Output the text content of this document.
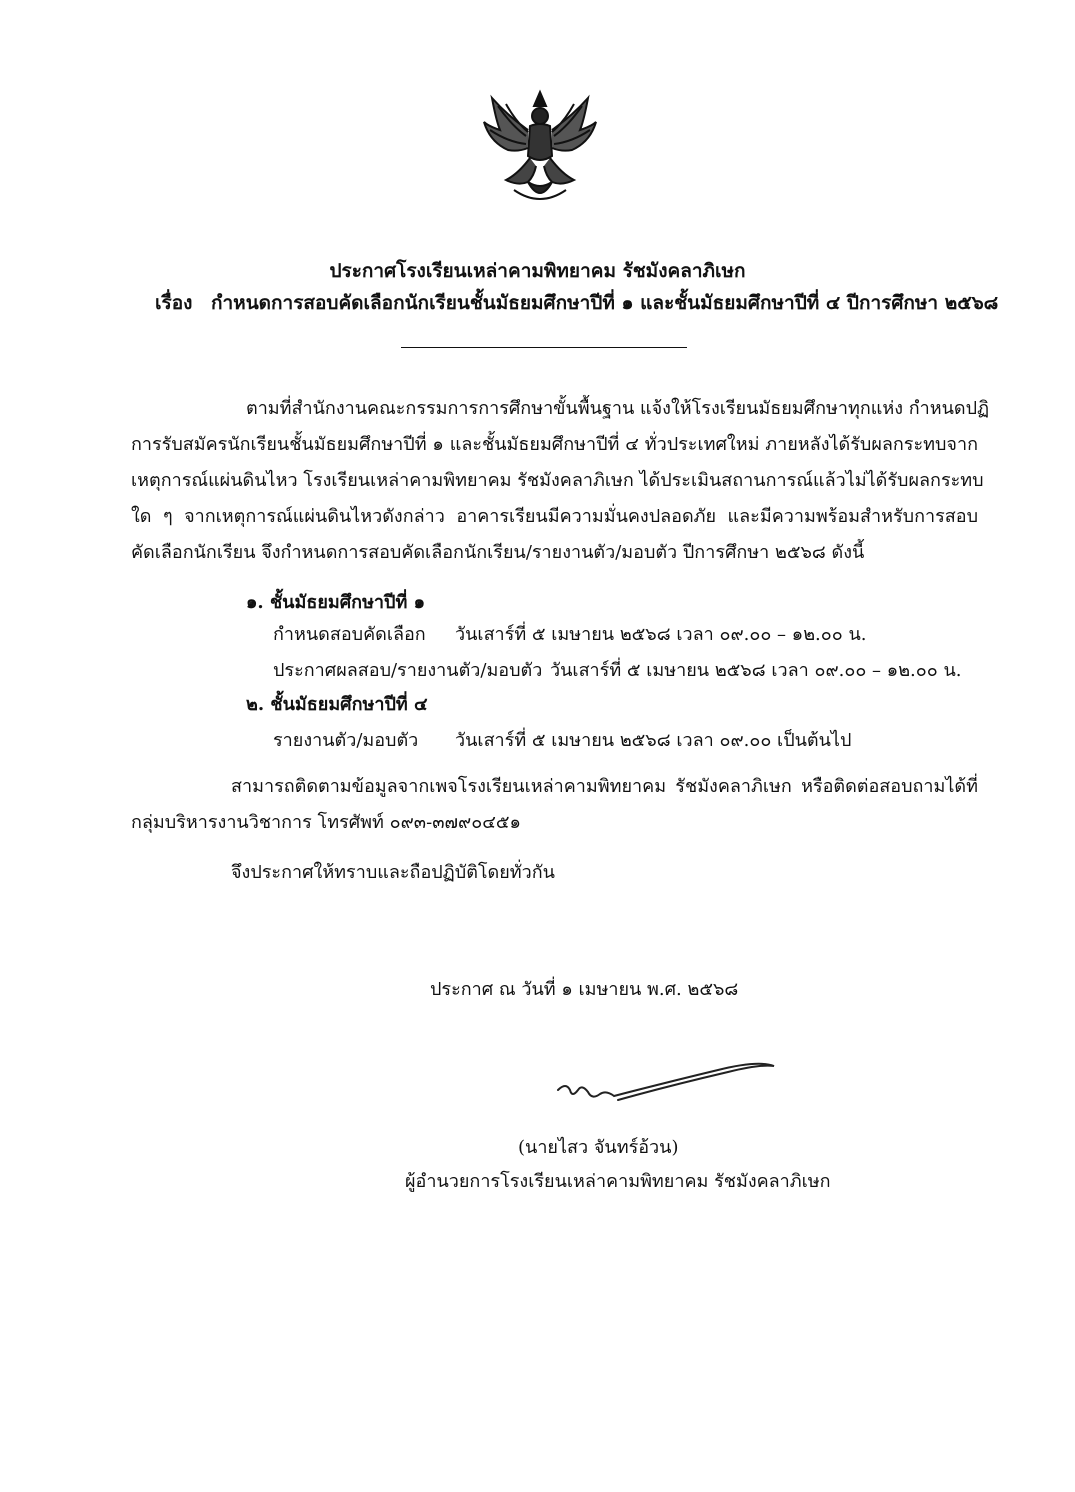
ประกาศโรงเรียนเหล่าคามพิทยาคม รัชมังคลาภิเษก
เรื่อง กำหนดการสอบคัดเลือกนักเรียนชั้นมัธยมศึกษาปีที่ ๑ และชั้นมัธยมศึกษาปีที่ ๔ ปีการศึกษา ๒๕๖๘
ตามที่สำนักงานคณะกรรมการการศึกษาขั้นพื้นฐาน แจ้งให้โรงเรียนมัธยมศึกษาทุกแห่ง กำหนดปฏิ
การรับสมัครนักเรียนชั้นมัธยมศึกษาปีที่ ๑ และชั้นมัธยมศึกษาปีที่ ๔ ทั่วประเทศใหม่ ภายหลังได้รับผลกระทบจาก
เหตุการณ์แผ่นดินไหว โรงเรียนเหล่าคามพิทยาคม รัชมังคลาภิเษก ได้ประเมินสถานการณ์แล้วไม่ได้รับผลกระทบ
ใด ๆ จากเหตุการณ์แผ่นดินไหวดังกล่าว อาคารเรียนมีความมั่นคงปลอดภัย และมีความพร้อมสำหรับการสอบ
คัดเลือกนักเรียน จึงกำหนดการสอบคัดเลือกนักเรียน/รายงานตัว/มอบตัว ปีการศึกษา ๒๕๖๘ ดังนี้
๑. ชั้นมัธยมศึกษาปีที่ ๑
กำหนดสอบคัดเลือก วันเสาร์ที่ ๕ เมษายน ๒๕๖๘ เวลา ๐๙.๐๐ – ๑๒.๐๐ น.
ประกาศผลสอบ/รายงานตัว/มอบตัว วันเสาร์ที่ ๕ เมษายน ๒๕๖๘ เวลา ๐๙.๐๐ – ๑๒.๐๐ น.
๒. ชั้นมัธยมศึกษาปีที่ ๔
รายงานตัว/มอบตัว วันเสาร์ที่ ๕ เมษายน ๒๕๖๘ เวลา ๐๙.๐๐ เป็นต้นไป
สามารถติดตามข้อมูลจากเพจโรงเรียนเหล่าคามพิทยาคม รัชมังคลาภิเษก หรือติดต่อสอบถามได้ที่
กลุ่มบริหารงานวิชาการ โทรศัพท์ ๐๙๓-๓๗๙๐๔๕๑
จึงประกาศให้ทราบและถือปฏิบัติโดยทั่วกัน
ประกาศ ณ วันที่ ๑ เมษายน พ.ศ. ๒๕๖๘
(นายไสว จันทร์อ้วน)
ผู้อำนวยการโรงเรียนเหล่าคามพิทยาคม รัชมังคลาภิเษก
